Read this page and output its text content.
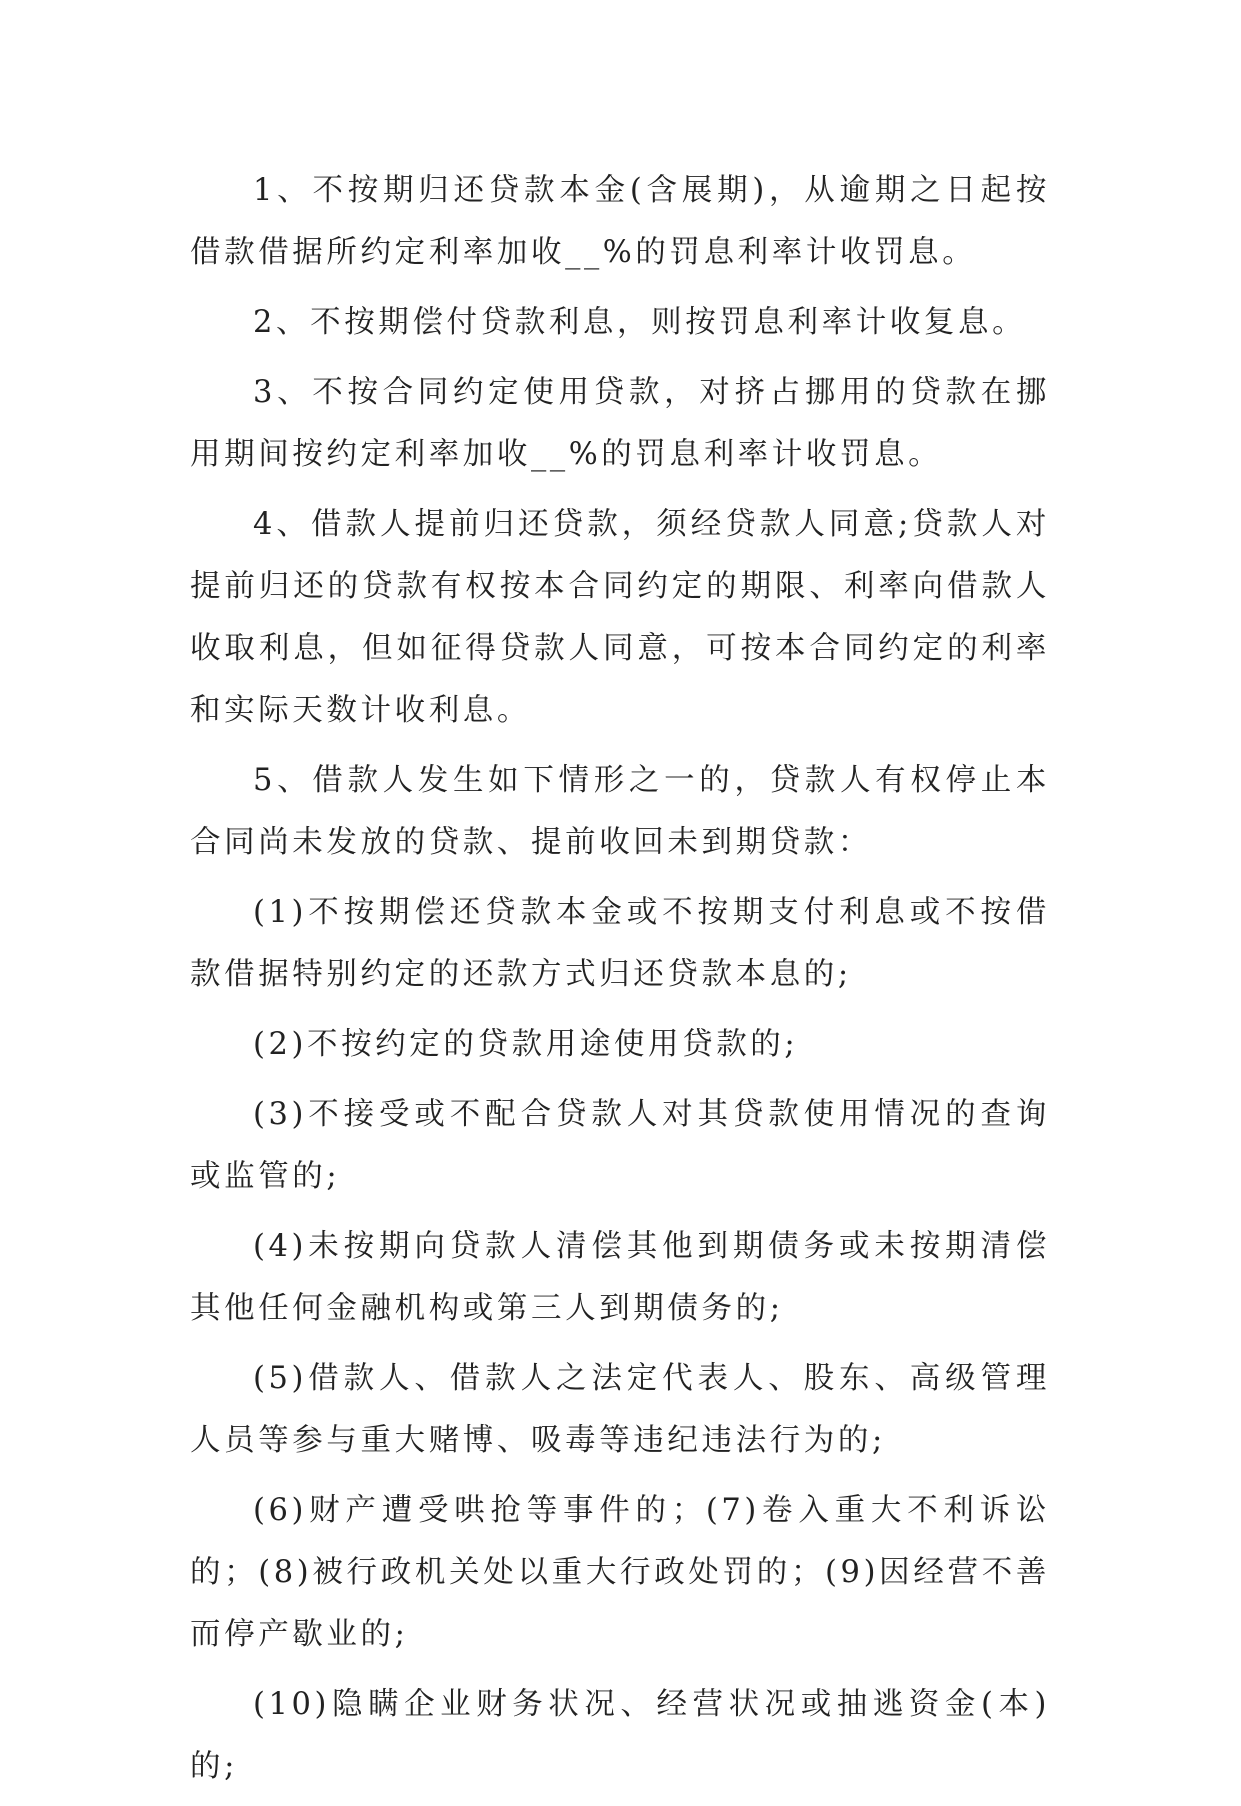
1、不按期归还贷款本金(含展期)，从逾期之日起按借款借据所约定利率加收__%的罚息利率计收罚息。

2、不按期偿付贷款利息，则按罚息利率计收复息。

3、不按合同约定使用贷款，对挤占挪用的贷款在挪用期间按约定利率加收__%的罚息利率计收罚息。

4、借款人提前归还贷款，须经贷款人同意;贷款人对提前归还的贷款有权按本合同约定的期限、利率向借款人收取利息，但如征得贷款人同意，可按本合同约定的利率和实际天数计收利息。

5、借款人发生如下情形之一的，贷款人有权停止本合同尚未发放的贷款、提前收回未到期贷款：

(1)不按期偿还贷款本金或不按期支付利息或不按借款借据特别约定的还款方式归还贷款本息的;

(2)不按约定的贷款用途使用贷款的;

(3)不接受或不配合贷款人对其贷款使用情况的查询或监管的;

(4)未按期向贷款人清偿其他到期债务或未按期清偿其他任何金融机构或第三人到期债务的;

(5)借款人、借款人之法定代表人、股东、高级管理人员等参与重大赌博、吸毒等违纪违法行为的;

(6)财产遭受哄抢等事件的；(7)卷入重大不利诉讼的；(8)被行政机关处以重大行政处罚的；(9)因经营不善而停产歇业的;

(10)隐瞒企业财务状况、经营状况或抽逃资金(本)的;
